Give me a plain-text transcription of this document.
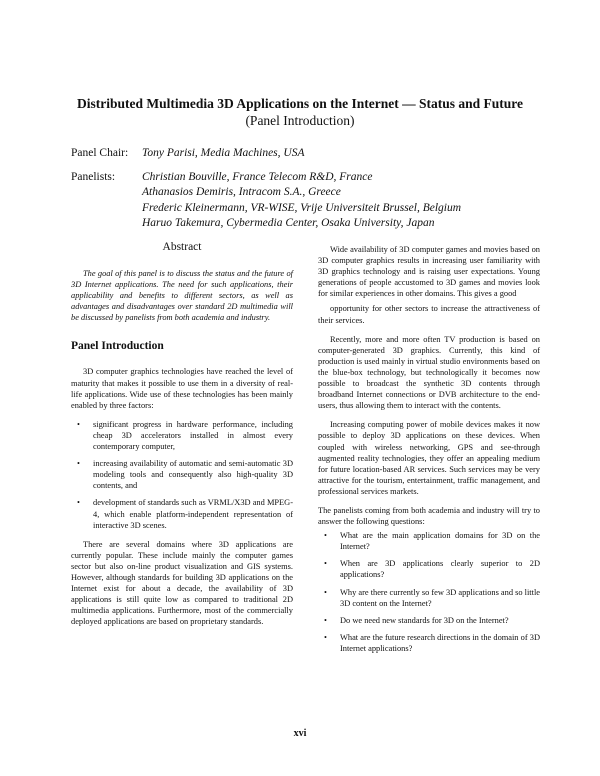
Distributed Multimedia 3D Applications on the Internet — Status and Future
(Panel Introduction)
Panel Chair:	Tony Parisi, Media Machines, USA
Panelists:	Christian Bouville, France Telecom R&D, France
Athanasios Demiris, Intracom S.A., Greece
Frederic Kleinermann, VR-WISE, Vrije Universiteit Brussel, Belgium
Haruo Takemura, Cybermedia Center, Osaka University, Japan
Abstract

The goal of this panel is to discuss the status and the future of 3D Internet applications. The need for such applications, their applicability and benefits to different sectors, as well as advantages and disadvantages over standard 2D multimedia will be discussed by panelists from both academia and industry.

Panel Introduction

3D computer graphics technologies have reached the level of maturity that makes it possible to use them in a diversity of real-life applications. Wide use of these technologies has been mainly enabled by three factors:

• significant progress in hardware performance, including cheap 3D accelerators installed in almost every contemporary computer,
• increasing availability of automatic and semi-automatic 3D modeling tools and consequently also high-quality 3D contents, and
• development of standards such as VRML/X3D and MPEG-4, which enable platform-independent representation of interactive 3D scenes.

There are several domains where 3D applications are currently popular. These include mainly the computer games sector but also on-line product visualization and GIS systems. However, although standards for building 3D applications on the Internet exist for about a decade, the availability of 3D applications is still quite low as compared to traditional 2D multimedia applications. Furthermore, most of the commercially deployed applications are based on proprietary standards.

Wide availability of 3D computer games and movies based on 3D computer graphics results in increasing user familiarity with 3D graphics technology and is raising user expectations. Young generations of people accustomed to 3D games and movies look for similar experiences in other domains. This gives a good

opportunity for other sectors to increase the attractiveness of their services.

Recently, more and more often TV production is based on computer-generated 3D graphics. Currently, this kind of production is used mainly in virtual studio environments based on the blue-box technology, but technologically it becomes now possible to broadcast the synthetic 3D contents through broadband Internet connections or DVB architecture to the end-users, thus allowing them to interact with the contents.

Increasing computing power of mobile devices makes it now possible to deploy 3D applications on these devices. When coupled with wireless networking, GPS and see-through augmented reality technologies, they offer an appealing medium for future location-based AR services. Such services may be very attractive for the tourism, entertainment, traffic management, and professional services markets.

The panelists coming from both academia and industry will try to answer the following questions:

• What are the main application domains for 3D on the Internet?
• When are 3D applications clearly superior to 2D applications?
• Why are there currently so few 3D applications and so little 3D content on the Internet?
• Do we need new standards for 3D on the Internet?
• What are the future research directions in the domain of 3D Internet applications?
xvi
